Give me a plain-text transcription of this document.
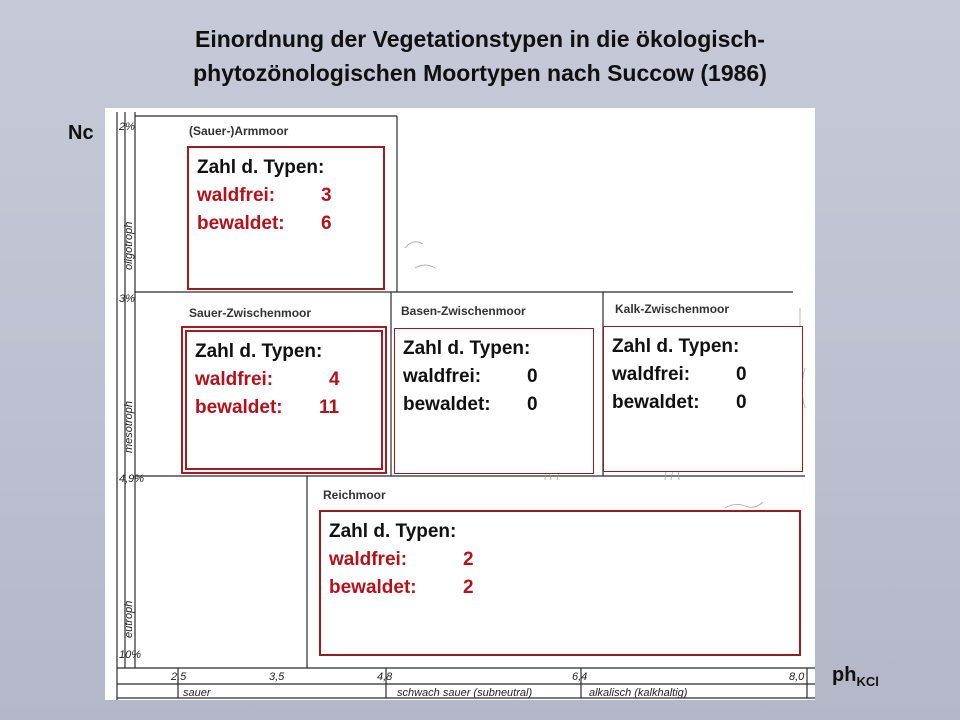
Einordnung der Vegetationstypen in die ökologisch-
phytozönologischen Moortypen nach Succow (1986)
Nc
$ph_{KCl}$
2%
3%
4,9%
10%
oligotroph
mesotroph
eutroph
2,5	3,5	4,8	6,4	8,0
sauer	schwach sauer (subneutral)	alkalisch (kalkhaltig)
(Sauer-)Armmoor
Zahl d. Typen:
waldfrei:	3
bewaldet:	6
Sauer-Zwischenmoor
Zahl d. Typen:
waldfrei:	4
bewaldet:	11
Basen-Zwischenmoor
Zahl d. Typen:
waldfrei:	0
bewaldet:	0
Kalk-Zwischenmoor
Zahl d. Typen:
waldfrei:	0
bewaldet:	0
Reichmoor
Zahl d. Typen:
waldfrei:	2
bewaldet:	2
